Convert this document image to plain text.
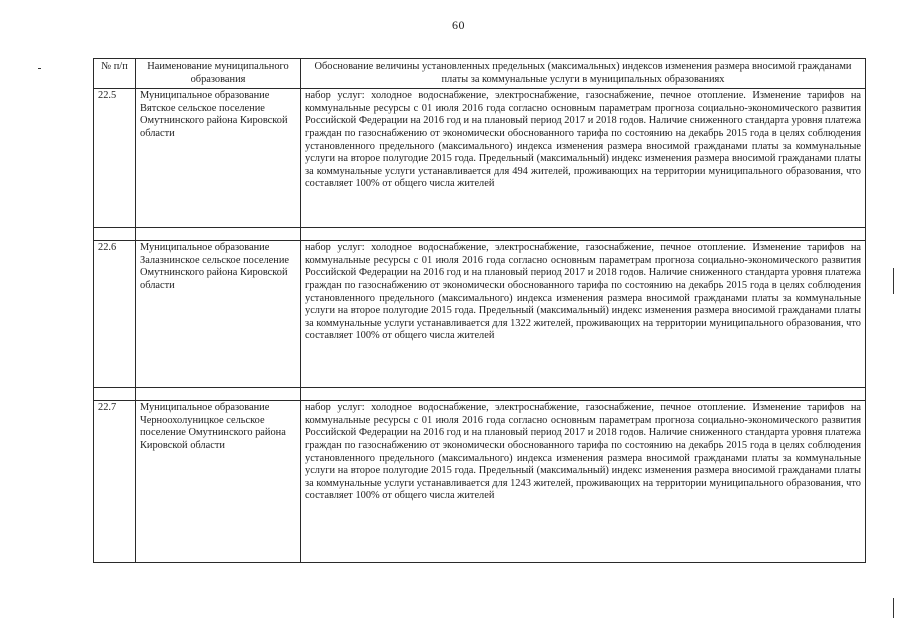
60
№ п/п	Наименование муниципального образования	Обоснование величины установленных предельных (максимальных) индексов изменения размера вносимой гражданами платы за коммунальные услуги в муниципальных образованиях
22.5	Муниципальное образование Вятское сельское поселение Омутнинского района Кировской области	набор услуг: холодное водоснабжение, электроснабжение, газоснабжение, печное отопление. Изменение тарифов на коммунальные ресурсы с 01 июля 2016 года согласно основным параметрам прогноза социально-экономического развития Российской Федерации на 2016 год и на плановый период 2017 и 2018 годов. Наличие сниженного стандарта уровня платежа граждан по газоснабжению от экономически обоснованного тарифа по состоянию на декабрь 2015 года в целях соблюдения установленного предельного (максимального) индекса изменения размера вносимой гражданами платы за коммунальные услуги на второе полугодие 2015 года. Предельный (максимальный) индекс изменения размера вносимой гражданами платы за коммунальные услуги устанавливается для 494 жителей, проживающих на территории муниципального образования, что составляет 100% от общего числа жителей

22.6	Муниципальное образование Залазнинское сельское поселение Омутнинского района Кировской области	набор услуг: холодное водоснабжение, электроснабжение, газоснабжение, печное отопление. Изменение тарифов на коммунальные ресурсы с 01 июля 2016 года согласно основным параметрам прогноза социально-экономического развития Российской Федерации на 2016 год и на плановый период 2017 и 2018 годов. Наличие сниженного стандарта уровня платежа граждан по газоснабжению от экономически обоснованного тарифа по состоянию на декабрь 2015 года в целях соблюдения установленного предельного (максимального) индекса изменения размера вносимой гражданами платы за коммунальные услуги на второе полугодие 2015 года. Предельный (максимальный) индекс изменения размера вносимой гражданами платы за коммунальные услуги устанавливается для 1322 жителей, проживающих на территории муниципального образования, что составляет 100% от общего числа жителей

22.7	Муниципальное образование Черноохолуницкое сельское поселение Омутнинского района Кировской области	набор услуг: холодное водоснабжение, электроснабжение, газоснабжение, печное отопление. Изменение тарифов на коммунальные ресурсы с 01 июля 2016 года согласно основным параметрам прогноза социально-экономического развития Российской Федерации на 2016 год и на плановый период 2017 и 2018 годов. Наличие сниженного стандарта уровня платежа граждан по газоснабжению от экономически обоснованного тарифа по состоянию на декабрь 2015 года в целях соблюдения установленного предельного (максимального) индекса изменения размера вносимой гражданами платы за коммунальные услуги на второе полугодие 2015 года. Предельный (максимальный) индекс изменения размера вносимой гражданами платы за коммунальные услуги устанавливается для 1243 жителей, проживающих на территории муниципального образования, что составляет 100% от общего числа жителей
